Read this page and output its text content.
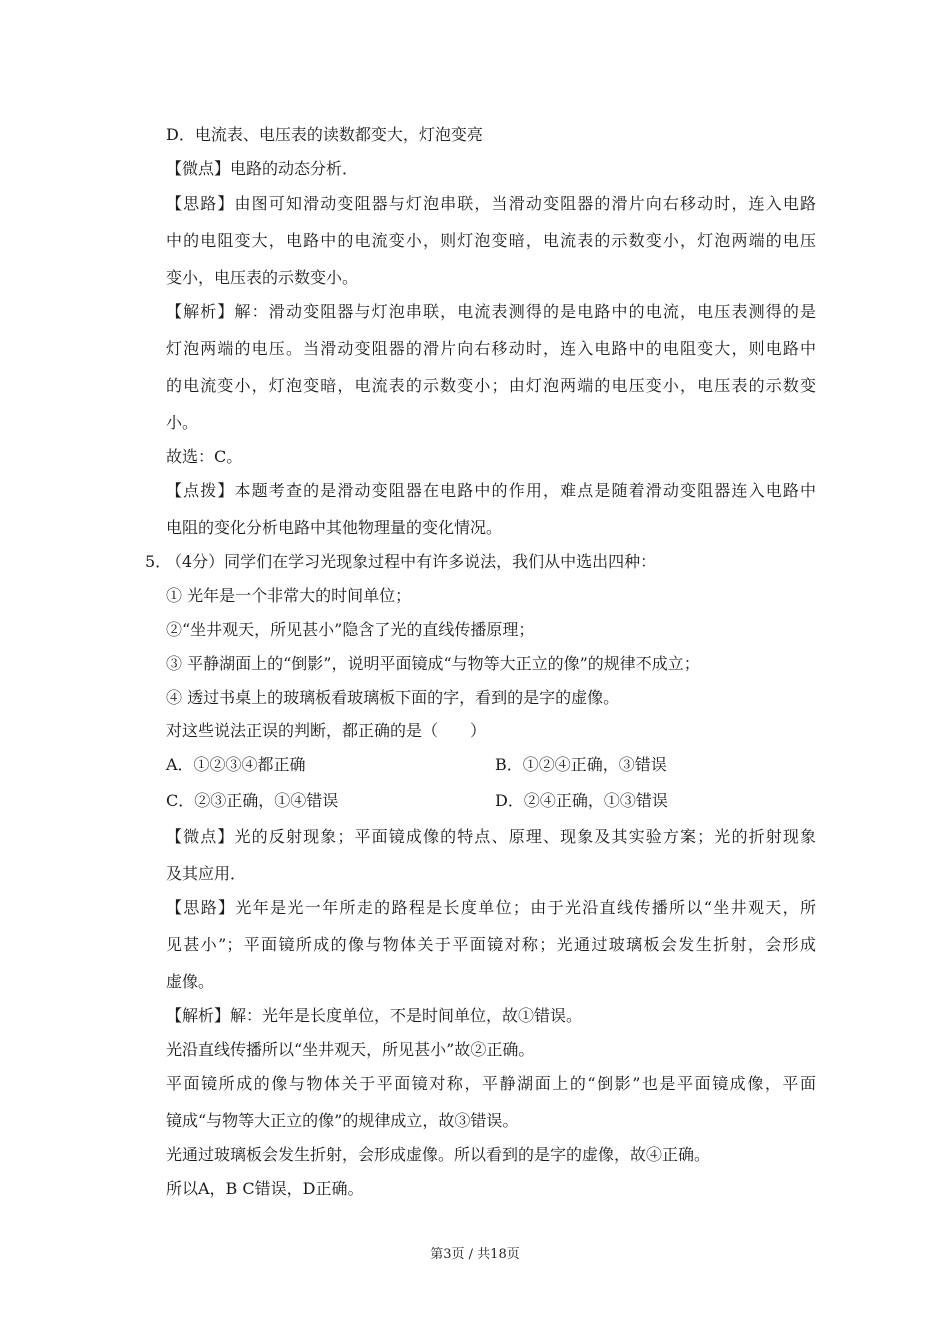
D．电流表、电压表的读数都变大，灯泡变亮
【微点】电路的动态分析．
【思路】由图可知滑动变阻器与灯泡串联，当滑动变阻器的滑片向右移动时，连入电路
中的电阻变大，电路中的电流变小，则灯泡变暗，电流表的示数变小，灯泡两端的电压
变小，电压表的示数变小。
【解析】解：滑动变阻器与灯泡串联，电流表测得的是电路中的电流，电压表测得的是
灯泡两端的电压。当滑动变阻器的滑片向右移动时，连入电路中的电阻变大，则电路中
的电流变小，灯泡变暗，电流表的示数变小；由灯泡两端的电压变小，电压表的示数变
小。
故选：C。
【点拨】本题考查的是滑动变阻器在电路中的作用，难点是随着滑动变阻器连入电路中
电阻的变化分析电路中其他物理量的变化情况。
5．
（4分）同学们在学习光现象过程中有许多说法，我们从中选出四种：
① 光年是一个非常大的时间单位；
②“坐井观天，所见甚小”隐含了光的直线传播原理；
③ 平静湖面上的“倒影”，说明平面镜成“与物等大正立的像”的规律不成立；
④ 透过书桌上的玻璃板看玻璃板下面的字，看到的是字的虚像。
对这些说法正误的判断，都正确的是（　　）
A．①②③④都正确	B．①②④正确，③错误
C．②③正确，①④错误	D．②④正确，①③错误
【微点】光的反射现象；平面镜成像的特点、原理、现象及其实验方案；光的折射现象
及其应用．
【思路】光年是光一年所走的路程是长度单位；由于光沿直线传播所以“坐井观天，所
见甚小”；平面镜所成的像与物体关于平面镜对称；光通过玻璃板会发生折射，会形成
虚像。
【解析】解：光年是长度单位，不是时间单位，故①错误。
光沿直线传播所以“坐井观天，所见甚小”故②正确。
平面镜所成的像与物体关于平面镜对称，平静湖面上的“倒影”也是平面镜成像，平面
镜成“与物等大正立的像”的规律成立，故③错误。
光通过玻璃板会发生折射，会形成虚像。所以看到的是字的虚像，故④正确。
所以A，B C错误，D正确。
第3页 / 共18页
